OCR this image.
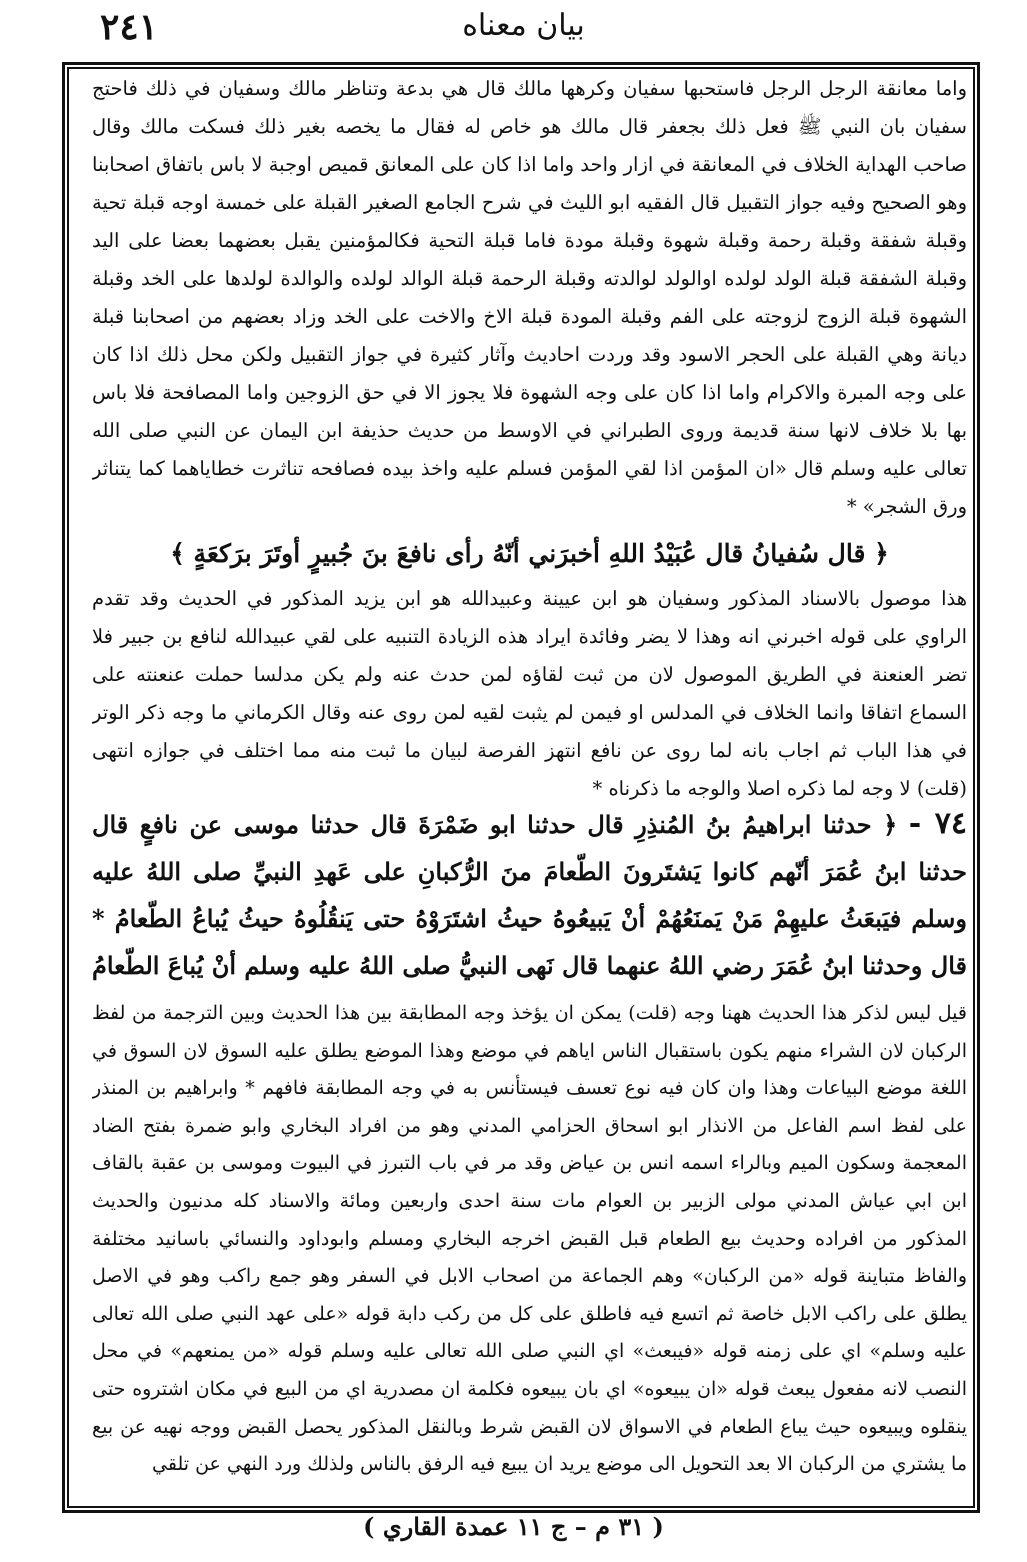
٢٤١	بيان معناه
واما معانقة الرجل الرجل فاستحبها سفيان وكرهها مالك قال هي بدعة وتناظر مالك وسفيان في ذلك فاحتج سفيان بان النبي ﷺ فعل ذلك بجعفر قال مالك هو خاص له فقال ما يخصه بغير ذلك فسكت مالك وقال صاحب الهداية الخلاف في المعانقة في ازار واحد واما اذا كان على المعانق قميص اوجبة لا باس باتفاق اصحابنا وهو الصحيح وفيه جواز التقبيل قال الفقيه ابو الليث في شرح الجامع الصغير القبلة على خمسة اوجه قبلة تحية وقبلة شفقة وقبلة رحمة وقبلة شهوة وقبلة مودة فاما قبلة التحية فكالمؤمنين يقبل بعضهما بعضا على اليد وقبلة الشفقة قبلة الولد لولده اوالولد لوالدته وقبلة الرحمة قبلة الوالد لولده والوالدة لولدها على الخد وقبلة الشهوة قبلة الزوج لزوجته على الفم وقبلة المودة قبلة الاخ والاخت على الخد وزاد بعضهم من اصحابنا قبلة ديانة وهي القبلة على الحجر الاسود وقد وردت احاديث وآثار كثيرة في جواز التقبيل ولكن محل ذلك اذا كان على وجه المبرة والاكرام واما اذا كان على وجه الشهوة فلا يجوز الا في حق الزوجين واما المصافحة فلا باس بها بلا خلاف لانها سنة قديمة وروى الطبراني في الاوسط من حديث حذيفة ابن اليمان عن النبي صلى الله تعالى عليه وسلم قال «ان المؤمن اذا لقي المؤمن فسلم عليه واخذ بيده فصافحه تناثرت خطاياهما كما يتناثر ورق الشجر» *
﴿ قال سُفيانُ قال عُبَيْدُ اللهِ أخبرَني أنّهُ رأى نافعَ بنَ جُبيرٍ أوتَرَ برَكعَةٍ ﴾
هذا موصول بالاسناد المذكور وسفيان هو ابن عيينة وعبيدالله هو ابن يزيد المذكور في الحديث وقد تقدم الراوي على قوله اخبرني انه وهذا لا يضر وفائدة ايراد هذه الزيادة التنبيه على لقي عبيدالله لنافع بن جبير فلا تضر العنعنة في الطريق الموصول لان من ثبت لقاؤه لمن حدث عنه ولم يكن مدلسا حملت عنعنته على السماع اتفاقا وانما الخلاف في المدلس او فيمن لم يثبت لقيه لمن روى عنه وقال الكرماني ما وجه ذكر الوتر في هذا الباب ثم اجاب بانه لما روى عن نافع انتهز الفرصة لبيان ما ثبت منه مما اختلف في جوازه انتهى (قلت) لا وجه لما ذكره اصلا والوجه ما ذكرناه *
٧٤ - ﴿ حدثنا ابراهيمُ بنُ المُنذِرِ قال حدثنا ابو ضَمْرَةَ قال حدثنا موسى عن نافعٍ قال حدثنا ابنُ عُمَرَ أنّهم كانوا يَشتَرونَ الطّعامَ منَ الرُّكبانِ على عَهدِ النبيِّ صلى اللهُ عليه وسلم فيَبعَثُ عليهِمْ مَنْ يَمنَعُهُمْ أنْ يَبيعُوهُ حيثُ اشتَرَوْهُ حتى يَنقُلُوهُ حيثُ يُباعُ الطّعامُ * قال وحدثنا ابنُ عُمَرَ رضي اللهُ عنهما قال نَهى النبيُّ صلى اللهُ عليه وسلم أنْ يُباعَ الطّعامُ
قيل ليس لذكر هذا الحديث ههنا وجه (قلت) يمكن ان يؤخذ وجه المطابقة بين هذا الحديث وبين الترجمة من لفظ الركبان لان الشراء منهم يكون باستقبال الناس اياهم في موضع وهذا الموضع يطلق عليه السوق لان السوق في اللغة موضع البياعات وهذا وان كان فيه نوع تعسف فيستأنس به في وجه المطابقة فافهم * وابراهيم بن المنذر على لفظ اسم الفاعل من الانذار ابو اسحاق الحزامي المدني وهو من افراد البخاري وابو ضمرة بفتح الضاد المعجمة وسكون الميم وبالراء اسمه انس بن عياض وقد مر في باب التبرز في البيوت وموسى بن عقبة بالقاف ابن ابي عياش المدني مولى الزبير بن العوام مات سنة احدى واربعين ومائة والاسناد كله مدنيون والحديث المذكور من افراده وحديث بيع الطعام قبل القبض اخرجه البخاري ومسلم وابوداود والنسائي باسانيد مختلفة والفاظ متباينة قوله «من الركبان» وهم الجماعة من اصحاب الابل في السفر وهو جمع راكب وهو في الاصل يطلق على راكب الابل خاصة ثم اتسع فيه فاطلق على كل من ركب دابة قوله «على عهد النبي صلى الله تعالى عليه وسلم» اي على زمنه قوله «فيبعث» اي النبي صلى الله تعالى عليه وسلم قوله «من يمنعهم» في محل النصب لانه مفعول يبعث قوله «ان يبيعوه» اي بان يبيعوه فكلمة ان مصدرية اي من البيع في مكان اشتروه حتى ينقلوه ويبيعوه حيث يباع الطعام في الاسواق لان القبض شرط وبالنقل المذكور يحصل القبض ووجه نهيه عن بيع ما يشتري من الركبان الا بعد التحويل الى موضع يريد ان يبيع فيه الرفق بالناس ولذلك ورد النهي عن تلقي
( ٣١ م – ج ١١ عمدة القاري )
